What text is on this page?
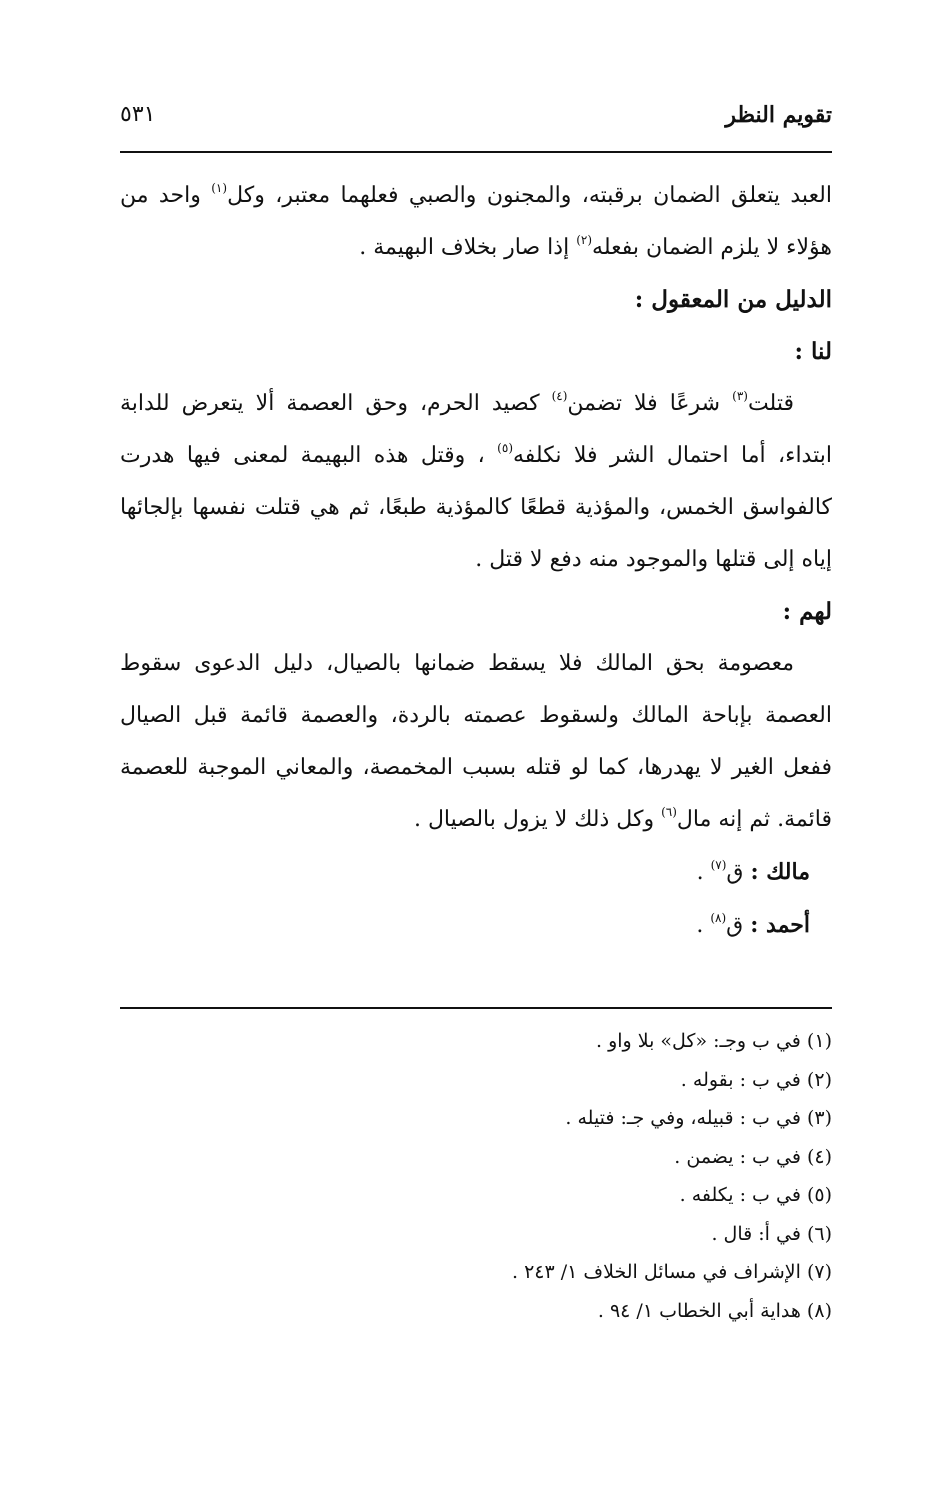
تقويم النظر
٥٣١

العبد يتعلق الضمان برقبته، والمجنون والصبي فعلهما معتبر، وكل$^{(١)}$ واحد من هؤلاء لا يلزم الضمان بفعله$^{(٢)}$ إذا صار بخلاف البهيمة .

الدليل من المعقول :

لنا :

قتلت$^{(٣)}$ شرعًا فلا تضمن$^{(٤)}$ كصيد الحرم، وحق العصمة ألا يتعرض للدابة ابتداء، أما احتمال الشر فلا نكلفه$^{(٥)}$ ، وقتل هذه البهيمة لمعنى فيها هدرت كالفواسق الخمس، والمؤذية قطعًا كالمؤذية طبعًا، ثم هي قتلت نفسها بإلجائها إياه إلى قتلها والموجود منه دفع لا قتل .

لهم :

معصومة بحق المالك فلا يسقط ضمانها بالصيال، دليل الدعوى سقوط العصمة بإباحة المالك ولسقوط عصمته بالردة، والعصمة قائمة قبل الصيال ففعل الغير لا يهدرها، كما لو قتله بسبب المخمصة، والمعاني الموجبة للعصمة قائمة. ثم إنه مال$^{(٦)}$ وكل ذلك لا يزول بالصيال .

مالك : ق$^{(٧)}$ .

أحمد : ق$^{(٨)}$ .

(١) في ب وجـ: «كل» بلا واو .

(٢) في ب : بقوله .

(٣) في ب : قبيله، وفي جـ: فتيله .

(٤) في ب : يضمن .

(٥) في ب : يكلفه .

(٦) في أ: قال .

(٧) الإشراف في مسائل الخلاف ١/ ٢٤٣ .

(٨) هداية أبي الخطاب ١/ ٩٤ .
